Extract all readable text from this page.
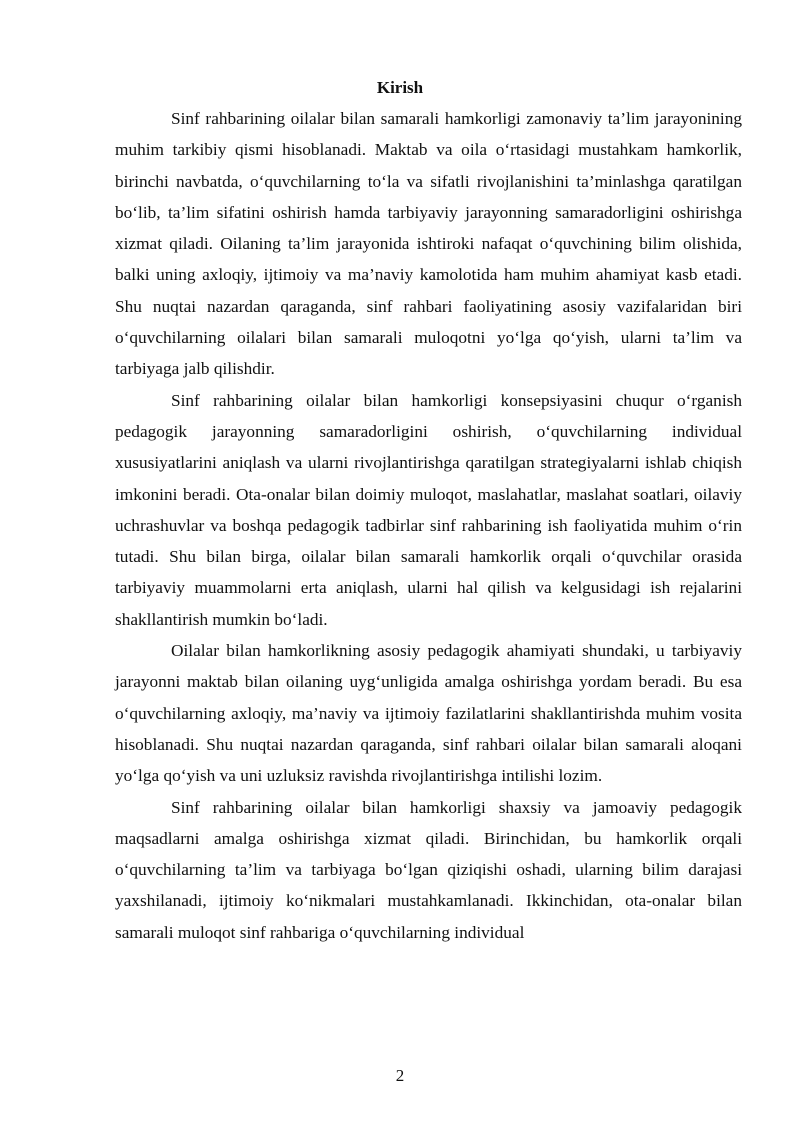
Kirish

Sinf rahbarining oilalar bilan samarali hamkorligi zamonaviy ta’lim jarayonining muhim tarkibiy qismi hisoblanadi. Maktab va oila o‘rtasidagi mustahkam hamkorlik, birinchi navbatda, o‘quvchilarning to‘la va sifatli rivojlanishini ta’minlashga qaratilgan bo‘lib, ta’lim sifatini oshirish hamda tarbiyaviy jarayonning samaradorligini oshirishga xizmat qiladi. Oilaning ta’lim jarayonida ishtiroki nafaqat o‘quvchining bilim olishida, balki uning axloqiy, ijtimoiy va ma’naviy kamolotida ham muhim ahamiyat kasb etadi. Shu nuqtai nazardan qaraganda, sinf rahbari faoliyatining asosiy vazifalaridan biri o‘quvchilarning oilalari bilan samarali muloqotni yo‘lga qo‘yish, ularni ta’lim va tarbiyaga jalb qilishdir.

Sinf rahbarining oilalar bilan hamkorligi konsepsiyasini chuqur o‘rganish pedagogik jarayonning samaradorligini oshirish, o‘quvchilarning individual xususiyatlarini aniqlash va ularni rivojlantirishga qaratilgan strategiyalarni ishlab chiqish imkonini beradi. Ota-onalar bilan doimiy muloqot, maslahatlar, maslahat soatlari, oilaviy uchrashuvlar va boshqa pedagogik tadbirlar sinf rahbarining ish faoliyatida muhim o‘rin tutadi. Shu bilan birga, oilalar bilan samarali hamkorlik orqali o‘quvchilar orasida tarbiyaviy muammolarni erta aniqlash, ularni hal qilish va kelgusidagi ish rejalarini shakllantirish mumkin bo‘ladi.

Oilalar bilan hamkorlikning asosiy pedagogik ahamiyati shundaki, u tarbiyaviy jarayonni maktab bilan oilaning uyg‘unligida amalga oshirishga yordam beradi. Bu esa o‘quvchilarning axloqiy, ma’naviy va ijtimoiy fazilatlarini shakllantirishda muhim vosita hisoblanadi. Shu nuqtai nazardan qaraganda, sinf rahbari oilalar bilan samarali aloqani yo‘lga qo‘yish va uni uzluksiz ravishda rivojlantirishga intilishi lozim.

Sinf rahbarining oilalar bilan hamkorligi shaxsiy va jamoaviy pedagogik maqsadlarni amalga oshirishga xizmat qiladi. Birinchidan, bu hamkorlik orqali o‘quvchilarning ta’lim va tarbiyaga bo‘lgan qiziqishi oshadi, ularning bilim darajasi yaxshilanadi, ijtimoiy ko‘nikmalari mustahkamlanadi. Ikkinchidan, ota-onalar bilan samarali muloqot sinf rahbariga o‘quvchilarning individual

2
